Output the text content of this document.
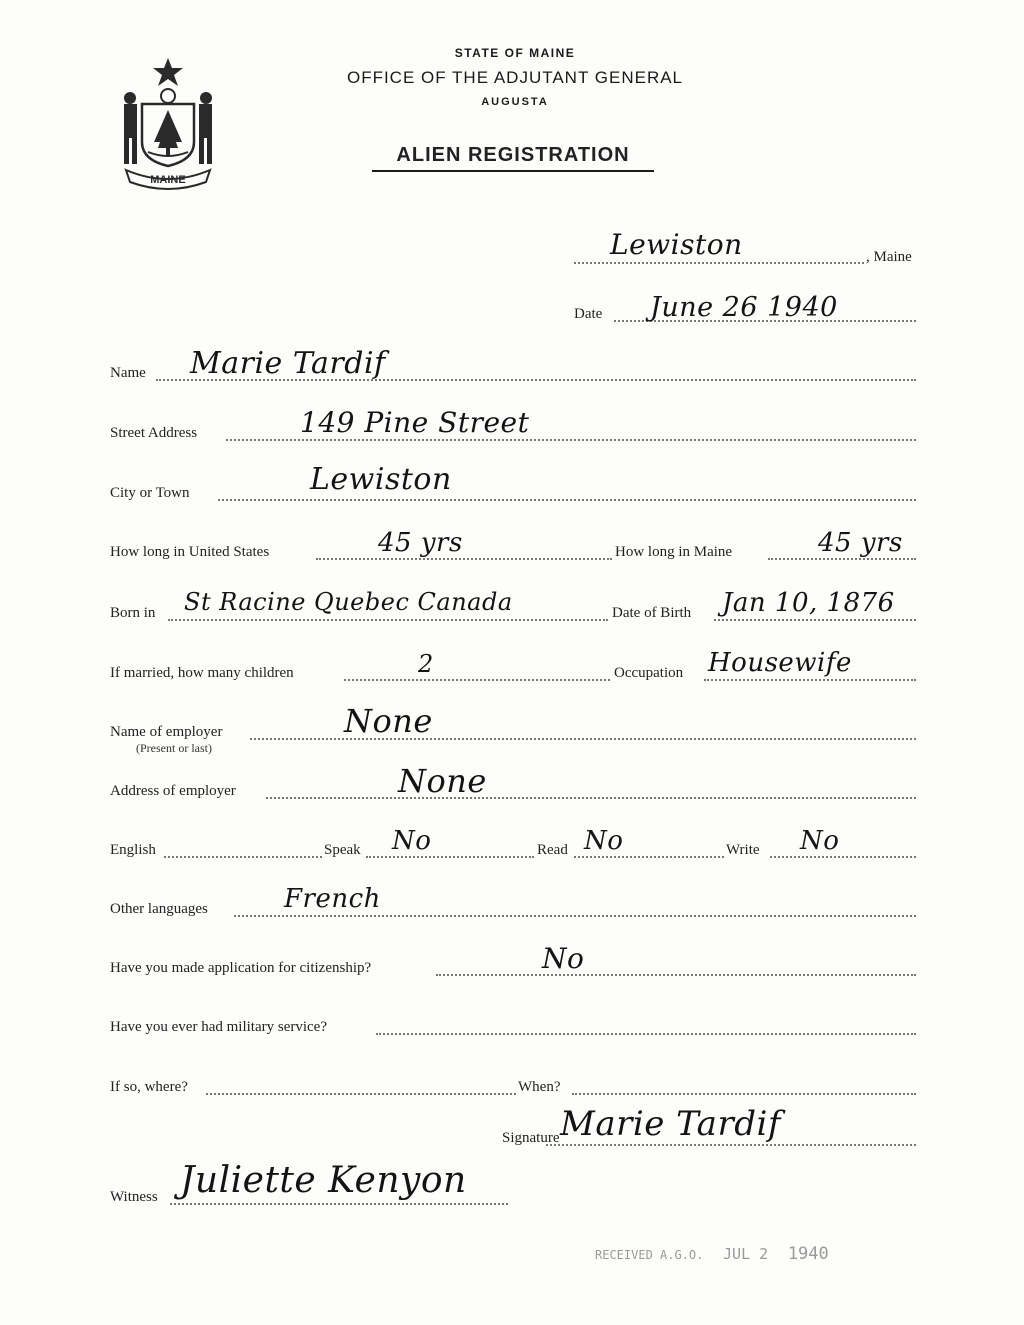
MAINE
STATE OF MAINE
OFFICE OF THE ADJUTANT GENERAL
AUGUSTA
ALIEN REGISTRATION
Lewiston	, Maine
Date June 26 1940
Name Marie Tardif
Street Address	149 Pine Street
City or Town	Lewiston
How long in United States	45 yrs	How long in Maine	45 yrs
Born in St Racine Quebec Canada	Date of Birth Jan 10, 1876
If married, how many children	2	Occupation Housewife
Name of employer
(Present or last)
None
Address of employer	None
English	Speak No	Read No	Write No
Other languages	French
Have you made application for citizenship?	No
Have you ever had military service?
If so, where?	When?
Signature Marie Tardif
Witness Juliette Kenyon
RECEIVED A.G.O. JUL 2 1940
